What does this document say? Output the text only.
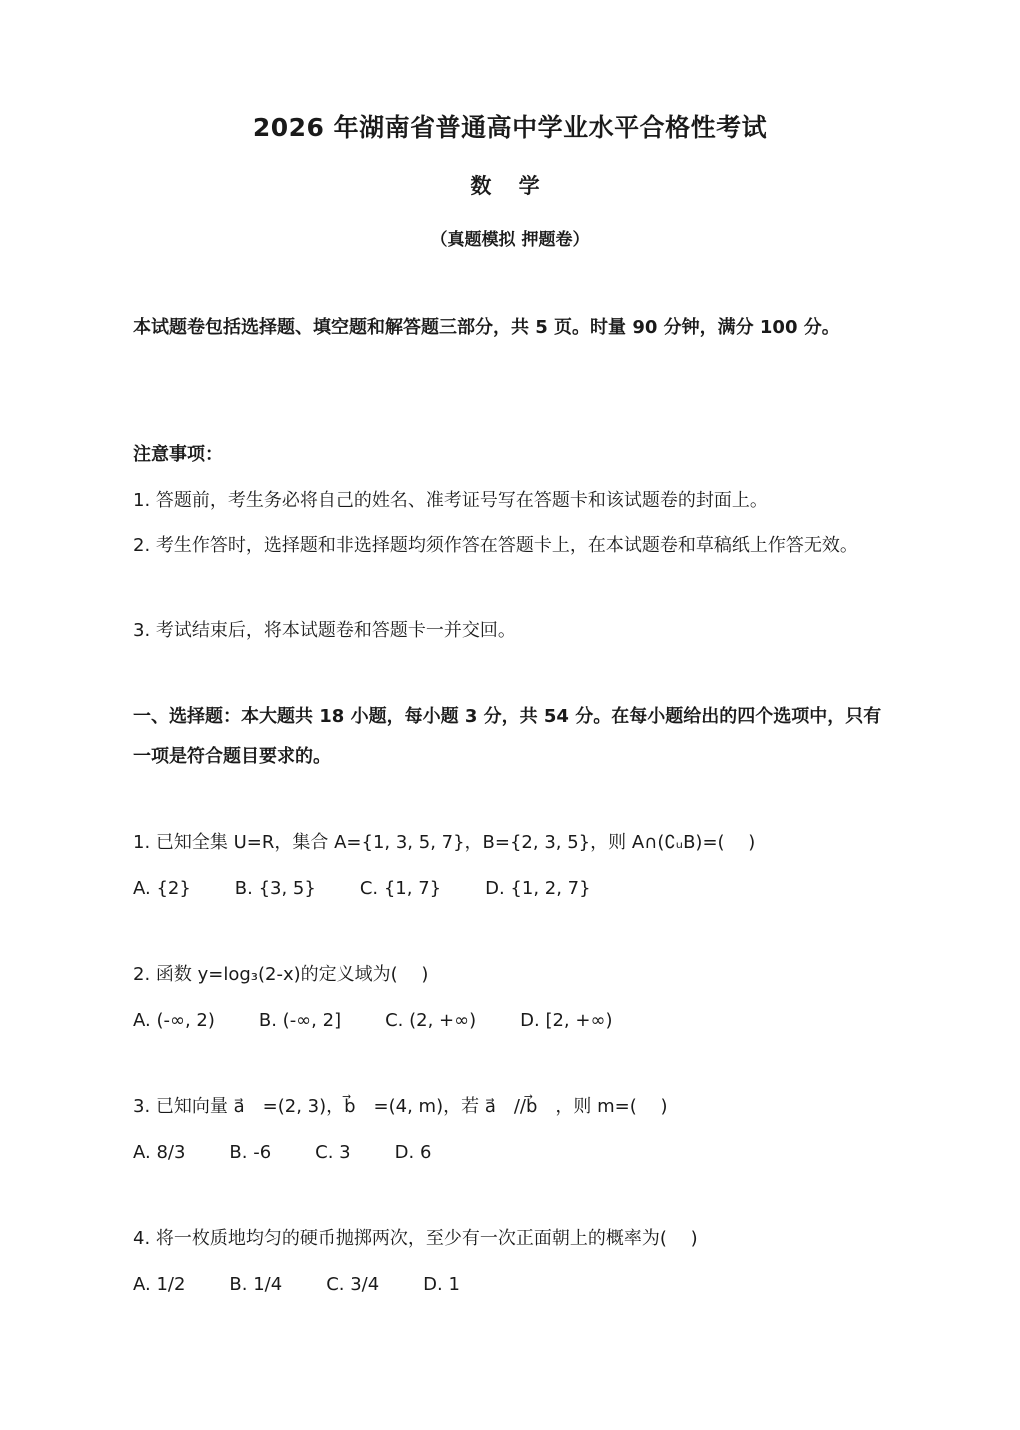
2026 年湖南省普通高中学业水平合格性考试
数 学
（真题模拟 押题卷）
本试题卷包括选择题、填空题和解答题三部分，共 5 页。时量 90 分钟，满分 100 分。
注意事项：
1. 答题前，考生务必将自己的姓名、准考证号写在答题卡和该试题卷的封面上。
2. 考生作答时，选择题和非选择题均须作答在答题卡上，在本试题卷和草稿纸上作答无效。
3. 考试结束后，将本试题卷和答题卡一并交回。
一、选择题：本大题共 18 小题，每小题 3 分，共 54 分。在每小题给出的四个选项中，只有一项是符合题目要求的。
1. 已知全集 U=R，集合 A={1, 3, 5, 7}，B={2, 3, 5}，则 A∩(∁ᵤB)=(　 )
A. {2} B. {3, 5} C. {1, 7} D. {1, 2, 7}
2. 函数 y=log₃(2-x)的定义域为(　 )
A. (-∞, 2) B. (-∞, 2] C. (2, +∞) D. [2, +∞)
3. 已知向量 a⃗　=(2, 3)，b⃗　=(4, m)，若 a⃗　//b⃗　，则 m=(　 )
A. 8/3 B. -6 C. 3 D. 6
4. 将一枚质地均匀的硬币抛掷两次，至少有一次正面朝上的概率为(　 )
A. 1/2 B. 1/4 C. 3/4 D. 1
